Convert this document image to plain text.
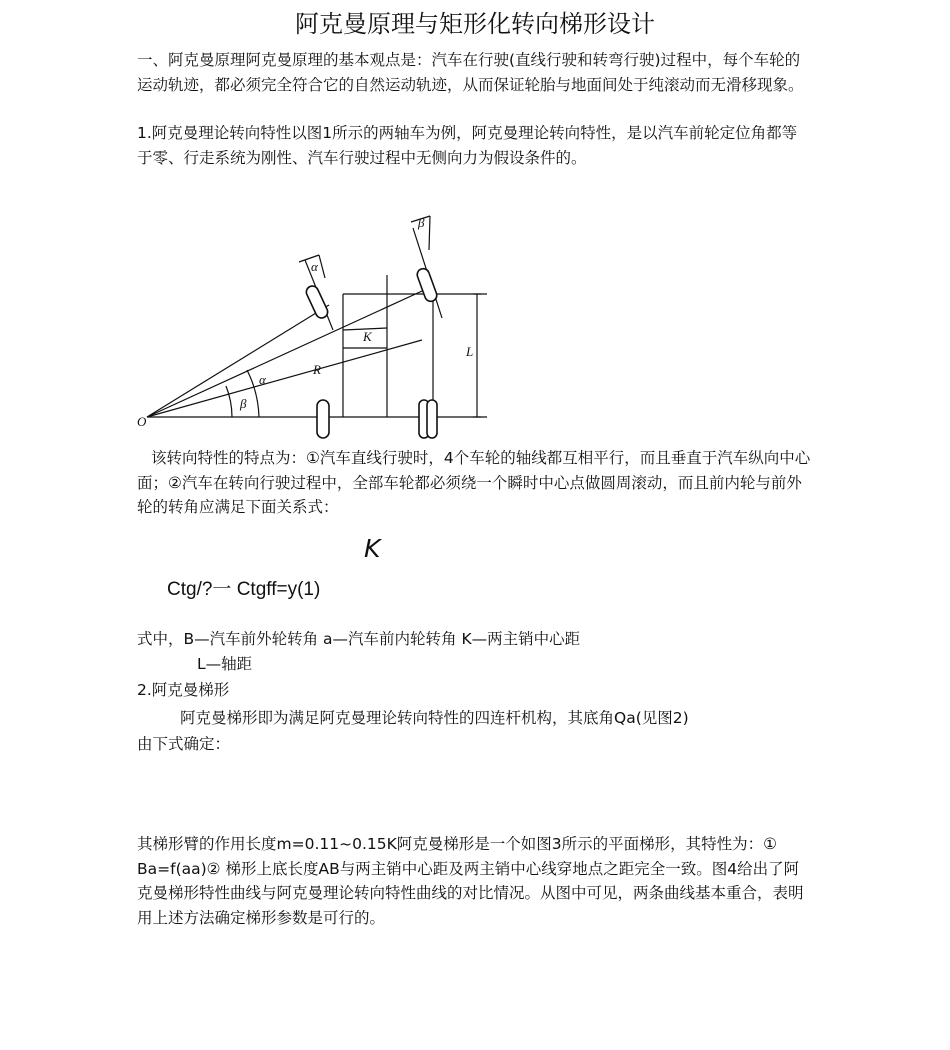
阿克曼原理与矩形化转向梯形设计
一、阿克曼原理阿克曼原理的基本观点是：汽车在行驶(直线行驶和转弯行驶)过程中，每个车轮的运动轨迹，都必须完全符合它的自然运动轨迹，从而保证轮胎与地面间处于纯滚动而无滑移现象。
1.阿克曼理论转向特性以图1所示的两轴车为例，阿克曼理论转向特性，是以汽车前轮定位角都等于零、行走系统为刚性、汽车行驶过程中无侧向力为假设条件的。
α
β
K
R
L
α
β
O
该转向特性的特点为：①汽车直线行驶时，4个车轮的轴线都互相平行，而且垂直于汽车纵向中心面；②汽车在转向行驶过程中，全部车轮都必须绕一个瞬时中心点做圆周滚动，而且前内轮与前外轮的转角应满足下面关系式：
K
Ctg/?一 Ctgff=y(1)
式中，B—汽车前外轮转角 a—汽车前内轮转角 K—两主销中心距
L—轴距
2.阿克曼梯形
阿克曼梯形即为满足阿克曼理论转向特性的四连杆机构，其底角Qa(见图2)
由下式确定：
其梯形臂的作用长度m=0.11~0.15K阿克曼梯形是一个如图3所示的平面梯形，其特性为：① Ba=f(aa)② 梯形上底长度AB与两主销中心距及两主销中心线穿地点之距完全一致。图4给出了阿克曼梯形特性曲线与阿克曼理论转向特性曲线的对比情况。从图中可见，两条曲线基本重合，表明用上述方法确定梯形参数是可行的。
